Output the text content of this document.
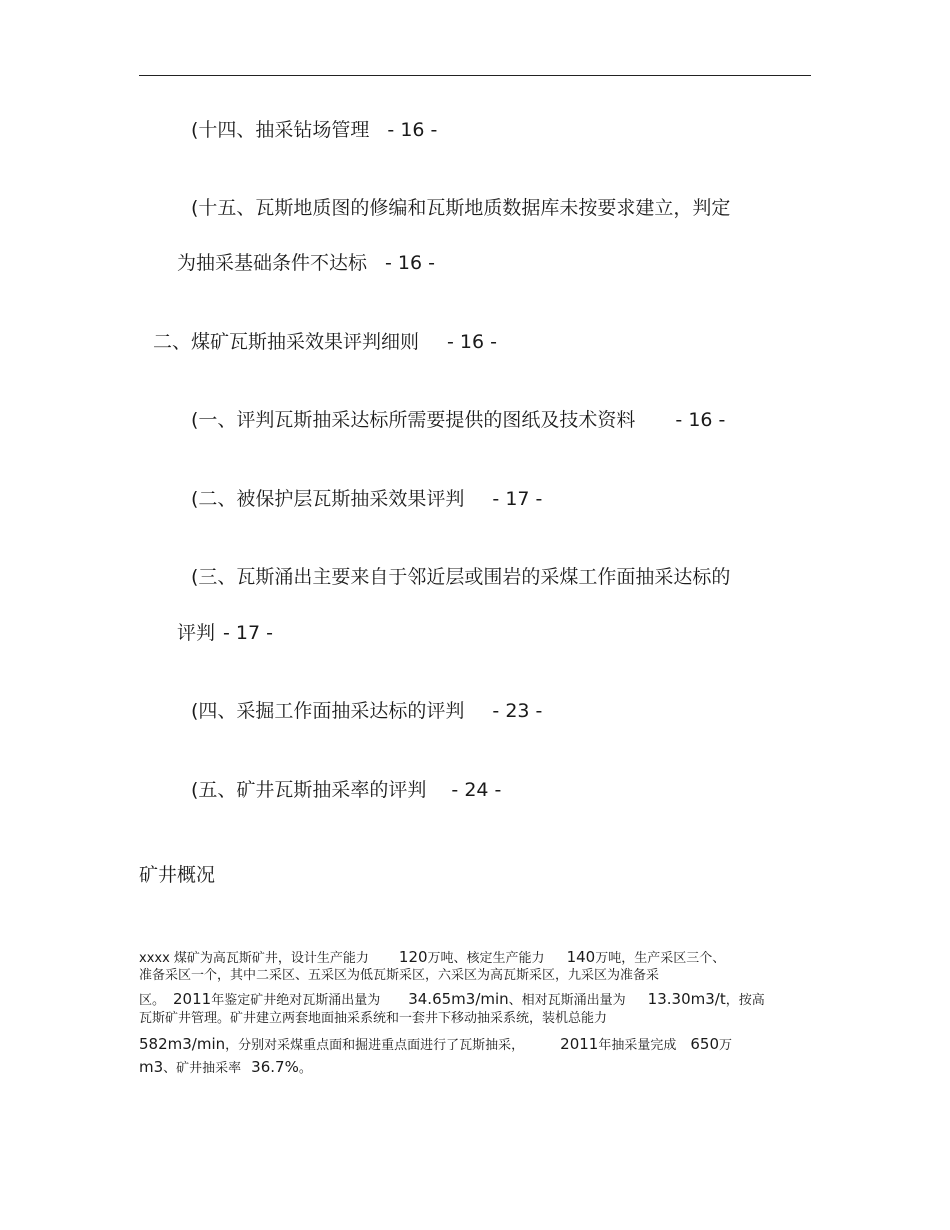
(十四、抽采钻场管理 - 16 -
(十五、瓦斯地质图的修编和瓦斯地质数据库未按要求建立，判定
为抽采基础条件不达标 - 16 -
二、煤矿瓦斯抽采效果评判细则 - 16 -
(一、评判瓦斯抽采达标所需要提供的图纸及技术资料 - 16 -
(二、被保护层瓦斯抽采效果评判 - 17 -
(三、瓦斯涌出主要来自于邻近层或围岩的采煤工作面抽采达标的
评判 - 17 -
(四、采掘工作面抽采达标的评判 - 23 -
(五、矿井瓦斯抽采率的评判 - 24 -
矿井概况
xxxx 煤矿为高瓦斯矿井，设计生产能力 120万吨、核定生产能力 140万吨，生产采区三个、
准备采区一个，其中二采区、五采区为低瓦斯采区，六采区为高瓦斯采区，九采区为准备采
区。 2011年鉴定矿井绝对瓦斯涌出量为 34.65m3/min、相对瓦斯涌出量为 13.30m3/t，按高
瓦斯矿井管理。矿井建立两套地面抽采系统和一套井下移动抽采系统，装机总能力
582m3/min，分别对采煤重点面和掘进重点面进行了瓦斯抽采， 2011年抽采量完成 650万
m3、矿井抽采率 36.7%。
